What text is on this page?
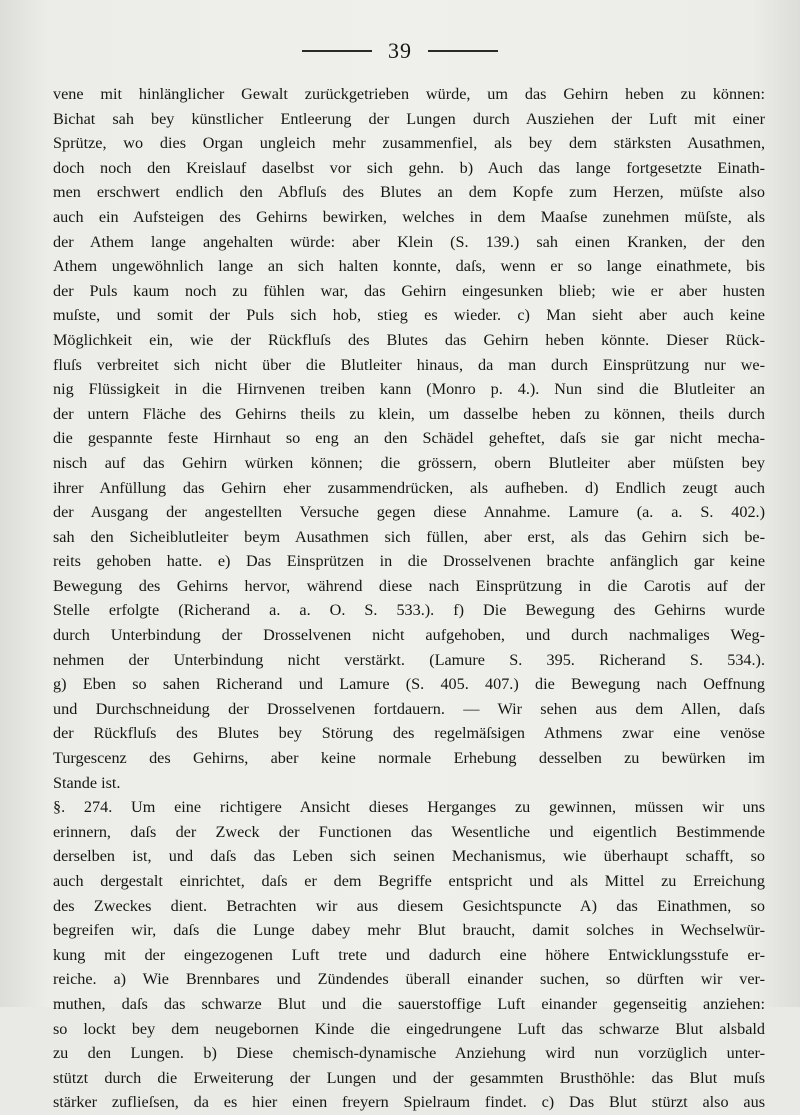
39
vene mit hinlänglicher Gewalt zurückgetrieben würde, um das Gehirn heben zu können:
Bichat sah bey künstlicher Entleerung der Lungen durch Ausziehen der Luft mit einer
Sprütze, wo dies Organ ungleich mehr zusammenfiel, als bey dem stärksten Ausathmen,
doch noch den Kreislauf daselbst vor sich gehn. b) Auch das lange fortgesetzte Einath-
men erschwert endlich den Abfluſs des Blutes an dem Kopfe zum Herzen, müſste also
auch ein Aufsteigen des Gehirns bewirken, welches in dem Maaſse zunehmen müſste, als
der Athem lange angehalten würde: aber Klein (S. 139.) sah einen Kranken, der den
Athem ungewöhnlich lange an sich halten konnte, daſs, wenn er so lange einathmete, bis
der Puls kaum noch zu fühlen war, das Gehirn eingesunken blieb; wie er aber husten
muſste, und somit der Puls sich hob, stieg es wieder. c) Man sieht aber auch keine
Möglichkeit ein, wie der Rückfluſs des Blutes das Gehirn heben könnte. Dieser Rück-
fluſs verbreitet sich nicht über die Blutleiter hinaus, da man durch Einsprützung nur we-
nig Flüssigkeit in die Hirnvenen treiben kann (Monro p. 4.). Nun sind die Blutleiter an
der untern Fläche des Gehirns theils zu klein, um dasselbe heben zu können, theils durch
die gespannte feste Hirnhaut so eng an den Schädel geheftet, daſs sie gar nicht mecha-
nisch auf das Gehirn würken können; die grössern, obern Blutleiter aber müſsten bey
ihrer Anfüllung das Gehirn eher zusammendrücken, als aufheben. d) Endlich zeugt auch
der Ausgang der angestellten Versuche gegen diese Annahme. Lamure (a. a. S. 402.)
sah den Sicheiblutleiter beym Ausathmen sich füllen, aber erst, als das Gehirn sich be-
reits gehoben hatte. e) Das Einsprützen in die Drosselvenen brachte anfänglich gar keine
Bewegung des Gehirns hervor, während diese nach Einsprützung in die Carotis auf der
Stelle erfolgte (Richerand a. a. O. S. 533.). f) Die Bewegung des Gehirns wurde
durch Unterbindung der Drosselvenen nicht aufgehoben, und durch nachmaliges Weg-
nehmen der Unterbindung nicht verstärkt. (Lamure S. 395. Richerand S. 534.).
g) Eben so sahen Richerand und Lamure (S. 405. 407.) die Bewegung nach Oeffnung
und Durchschneidung der Drosselvenen fortdauern. — Wir sehen aus dem Allen, daſs
der Rückfluſs des Blutes bey Störung des regelmäſsigen Athmens zwar eine venöse
Turgescenz des Gehirns, aber keine normale Erhebung desselben zu bewürken im
Stande ist.
§. 274. Um eine richtigere Ansicht dieses Herganges zu gewinnen, müssen wir uns
erinnern, daſs der Zweck der Functionen das Wesentliche und eigentlich Bestimmende
derselben ist, und daſs das Leben sich seinen Mechanismus, wie überhaupt schafft, so
auch dergestalt einrichtet, daſs er dem Begriffe entspricht und als Mittel zu Erreichung
des Zweckes dient. Betrachten wir aus diesem Gesichtspuncte A) das Einathmen, so
begreifen wir, daſs die Lunge dabey mehr Blut braucht, damit solches in Wechselwür-
kung mit der eingezogenen Luft trete und dadurch eine höhere Entwicklungsstufe er-
reiche. a) Wie Brennbares und Zündendes überall einander suchen, so dürften wir ver-
muthen, daſs das schwarze Blut und die sauerstoffige Luft einander gegenseitig anziehen:
so lockt bey dem neugebornen Kinde die eingedrungene Luft das schwarze Blut alsbald
zu den Lungen. b) Diese chemisch-dynamische Anziehung wird nun vorzüglich unter-
stützt durch die Erweiterung der Lungen und der gesammten Brusthöhle: das Blut muſs
stärker zuflieſsen, da es hier einen freyern Spielraum findet. c) Das Blut stürzt also aus
